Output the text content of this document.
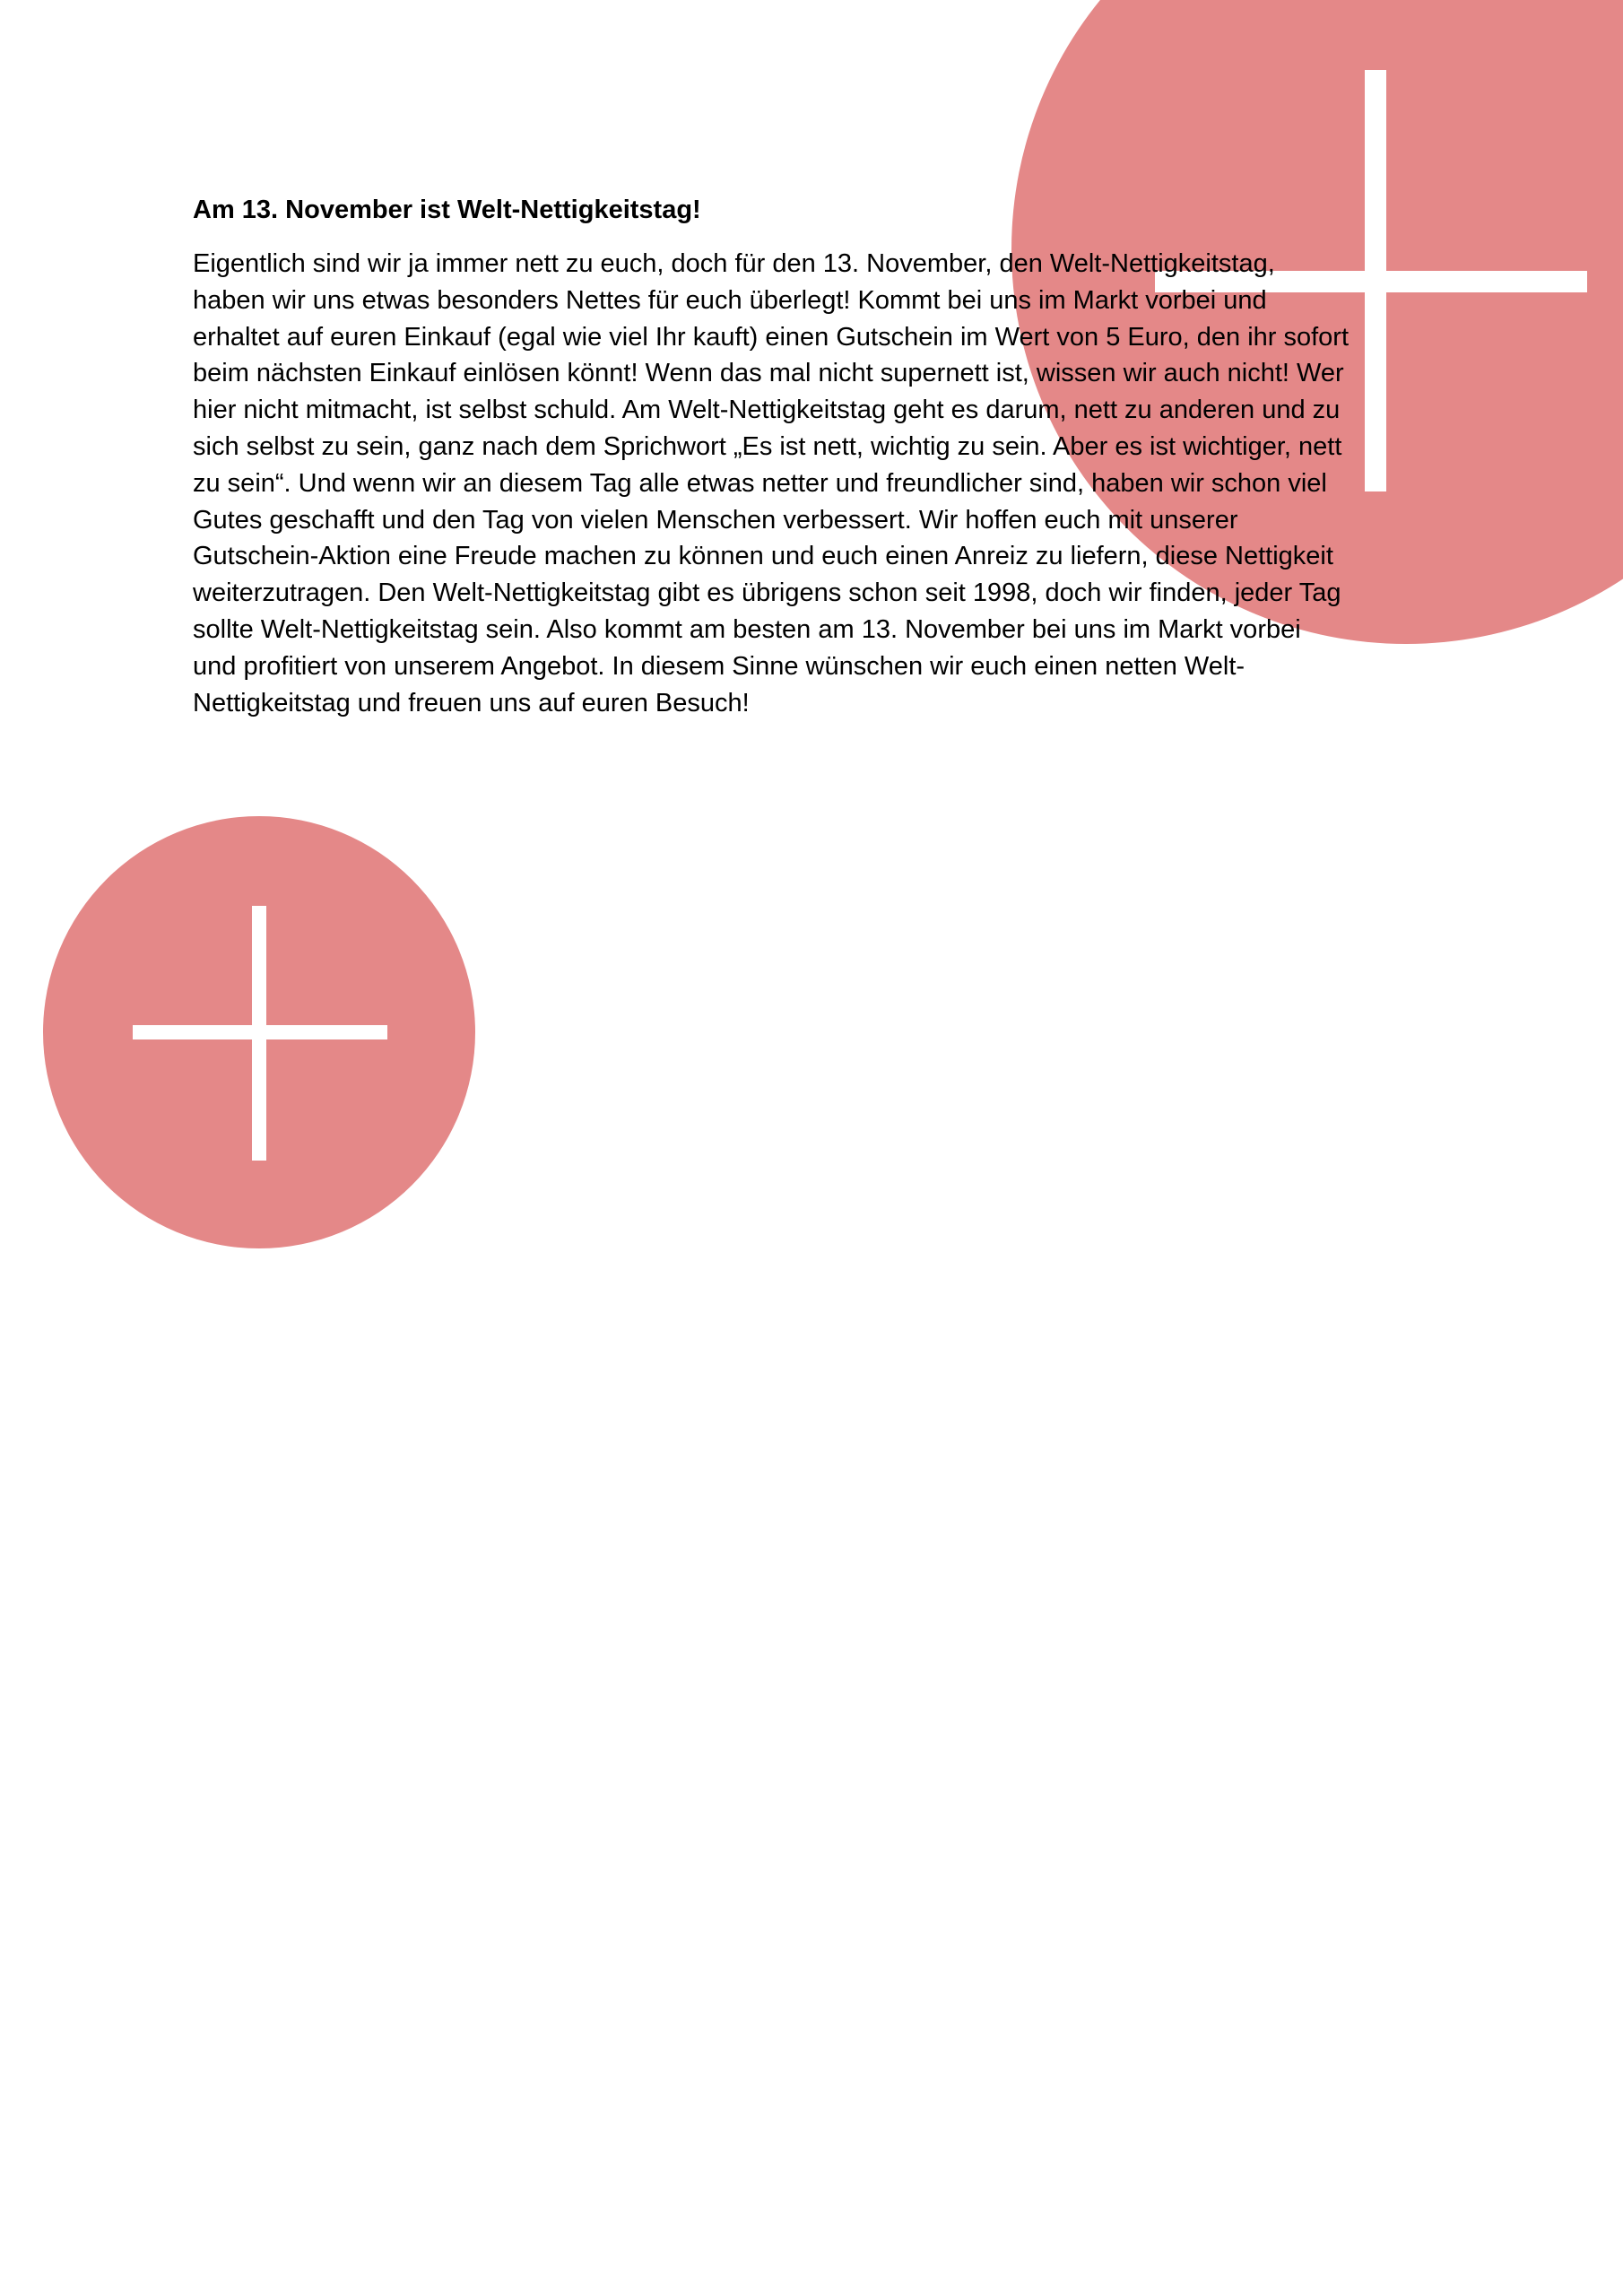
Am 13. November ist Welt-Nettigkeitstag!

Eigentlich sind wir ja immer nett zu euch, doch für den 13. November, den Welt-Nettigkeitstag,
haben wir uns etwas besonders Nettes für euch überlegt! Kommt bei uns im Markt vorbei und
erhaltet auf euren Einkauf (egal wie viel Ihr kauft) einen Gutschein im Wert von 5 Euro, den ihr sofort
beim nächsten Einkauf einlösen könnt! Wenn das mal nicht supernett ist, wissen wir auch nicht! Wer
hier nicht mitmacht, ist selbst schuld. Am Welt-Nettigkeitstag geht es darum, nett zu anderen und zu
sich selbst zu sein, ganz nach dem Sprichwort „Es ist nett, wichtig zu sein. Aber es ist wichtiger, nett
zu sein“. Und wenn wir an diesem Tag alle etwas netter und freundlicher sind, haben wir schon viel
Gutes geschafft und den Tag von vielen Menschen verbessert. Wir hoffen euch mit unserer
Gutschein-Aktion eine Freude machen zu können und euch einen Anreiz zu liefern, diese Nettigkeit
weiterzutragen. Den Welt-Nettigkeitstag gibt es übrigens schon seit 1998, doch wir finden, jeder Tag
sollte Welt-Nettigkeitstag sein. Also kommt am besten am 13. November bei uns im Markt vorbei
und profitiert von unserem Angebot. In diesem Sinne wünschen wir euch einen netten Welt-
Nettigkeitstag und freuen uns auf euren Besuch!
